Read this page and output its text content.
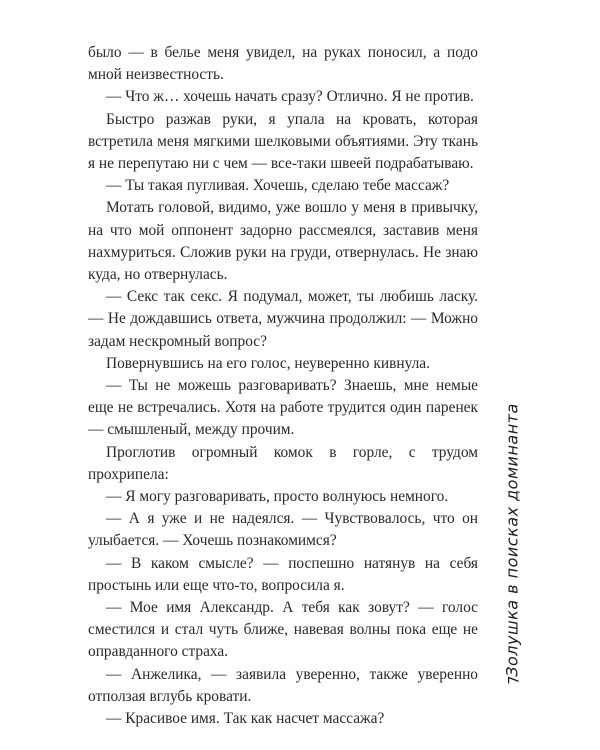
было — в белье меня увидел, на руках поносил, а подо мной неизвестность.

— Что ж… хочешь начать сразу? Отлично. Я не против.

Быстро разжав руки, я упала на кровать, которая встретила меня мягкими шелковыми объятиями. Эту ткань я не перепутаю ни с чем — все-таки швеей подрабатываю.

— Ты такая пугливая. Хочешь, сделаю тебе массаж?

Мотать головой, видимо, уже вошло у меня в привычку, на что мой оппонент задорно рассмеялся, заставив меня нахмуриться. Сложив руки на груди, отвернулась. Не знаю куда, но отвернулась.

— Секс так секс. Я подумал, может, ты любишь ласку. — Не дождавшись ответа, мужчина продолжил: — Можно задам нескромный вопрос?

Повернувшись на его голос, неуверенно кивнула.

— Ты не можешь разговаривать? Знаешь, мне немые еще не встречались. Хотя на работе трудится один паренек — смышленый, между прочим.

Проглотив огромный комок в горле, с трудом прохрипела:

— Я могу разговаривать, просто волнуюсь немного.

— А я уже и не надеялся. — Чувствовалось, что он улыбается. — Хочешь познакомимся?

— В каком смысле? — поспешно натянув на себя простынь или еще что-то, вопросила я.

— Мое имя Александр. А тебя как зовут? — голос сместился и стал чуть ближе, навевая волны пока еще не оправданного страха.

— Анжелика, — заявила уверенно, также уверенно отползая вглубь кровати.

— Красивое имя. Так как насчет массажа?

Золушка в поисках доминанта
7
